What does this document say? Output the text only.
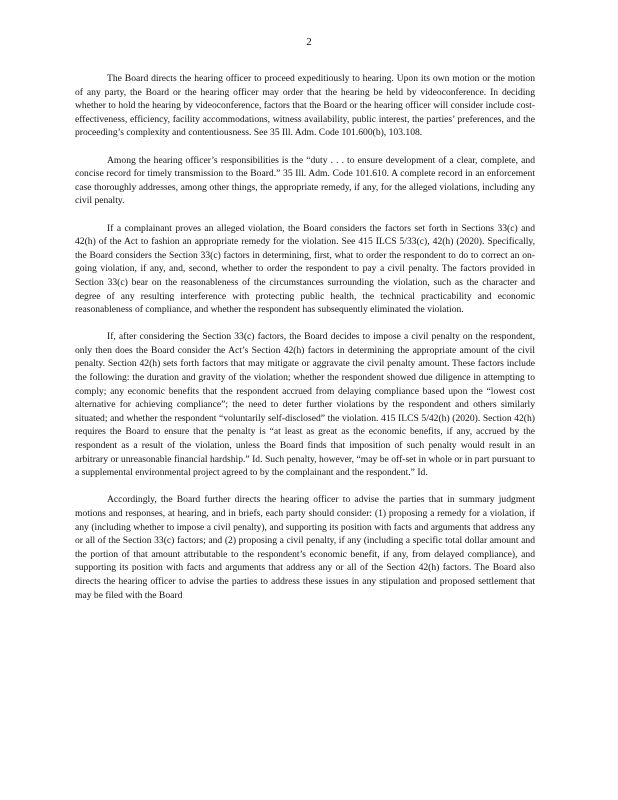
2

The Board directs the hearing officer to proceed expeditiously to hearing. Upon its own motion or the motion of any party, the Board or the hearing officer may order that the hearing be held by videoconference. In deciding whether to hold the hearing by videoconference, factors that the Board or the hearing officer will consider include cost-effectiveness, efficiency, facility accommodations, witness availability, public interest, the parties’ preferences, and the proceeding’s complexity and contentiousness. See 35 Ill. Adm. Code 101.600(b), 103.108.

Among the hearing officer’s responsibilities is the “duty . . . to ensure development of a clear, complete, and concise record for timely transmission to the Board.” 35 Ill. Adm. Code 101.610. A complete record in an enforcement case thoroughly addresses, among other things, the appropriate remedy, if any, for the alleged violations, including any civil penalty.

If a complainant proves an alleged violation, the Board considers the factors set forth in Sections 33(c) and 42(h) of the Act to fashion an appropriate remedy for the violation. See 415 ILCS 5/33(c), 42(h) (2020). Specifically, the Board considers the Section 33(c) factors in determining, first, what to order the respondent to do to correct an on-going violation, if any, and, second, whether to order the respondent to pay a civil penalty. The factors provided in Section 33(c) bear on the reasonableness of the circumstances surrounding the violation, such as the character and degree of any resulting interference with protecting public health, the technical practicability and economic reasonableness of compliance, and whether the respondent has subsequently eliminated the violation.

If, after considering the Section 33(c) factors, the Board decides to impose a civil penalty on the respondent, only then does the Board consider the Act’s Section 42(h) factors in determining the appropriate amount of the civil penalty. Section 42(h) sets forth factors that may mitigate or aggravate the civil penalty amount. These factors include the following: the duration and gravity of the violation; whether the respondent showed due diligence in attempting to comply; any economic benefits that the respondent accrued from delaying compliance based upon the “lowest cost alternative for achieving compliance”; the need to deter further violations by the respondent and others similarly situated; and whether the respondent “voluntarily self-disclosed” the violation. 415 ILCS 5/42(h) (2020). Section 42(h) requires the Board to ensure that the penalty is “at least as great as the economic benefits, if any, accrued by the respondent as a result of the violation, unless the Board finds that imposition of such penalty would result in an arbitrary or unreasonable financial hardship.” Id. Such penalty, however, “may be off-set in whole or in part pursuant to a supplemental environmental project agreed to by the complainant and the respondent.” Id.

Accordingly, the Board further directs the hearing officer to advise the parties that in summary judgment motions and responses, at hearing, and in briefs, each party should consider: (1) proposing a remedy for a violation, if any (including whether to impose a civil penalty), and supporting its position with facts and arguments that address any or all of the Section 33(c) factors; and (2) proposing a civil penalty, if any (including a specific total dollar amount and the portion of that amount attributable to the respondent’s economic benefit, if any, from delayed compliance), and supporting its position with facts and arguments that address any or all of the Section 42(h) factors. The Board also directs the hearing officer to advise the parties to address these issues in any stipulation and proposed settlement that may be filed with the Board
